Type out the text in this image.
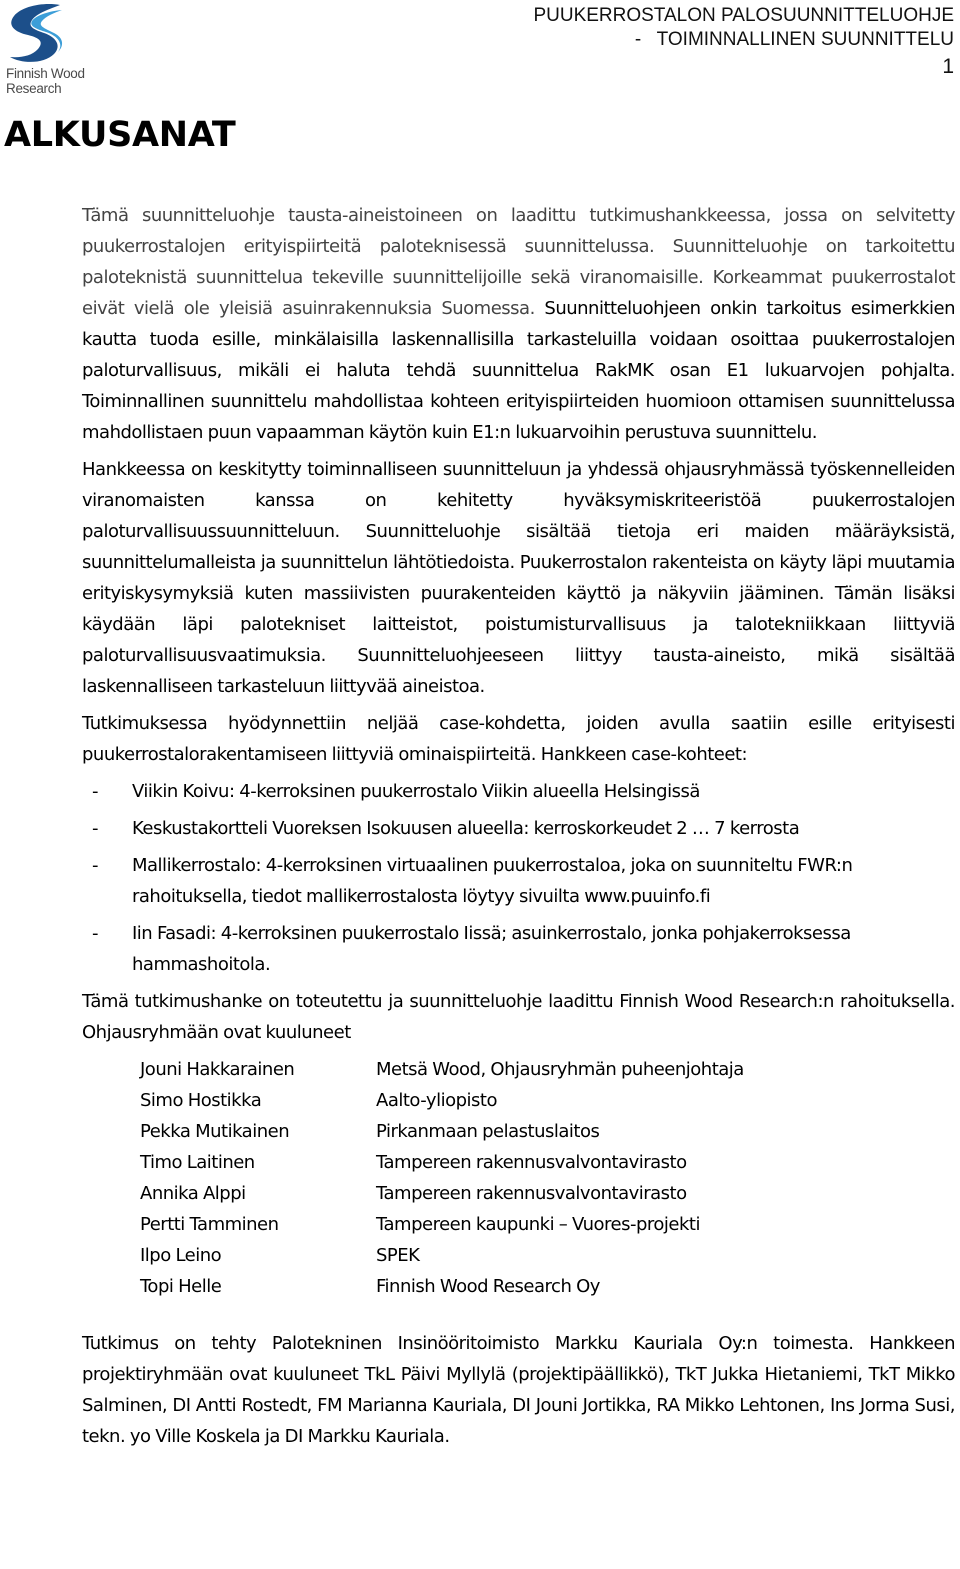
Finnish Wood
Research
PUUKERROSTALON PALOSUUNNITTELUOHJE
-   TOIMINNALLINEN SUUNNITTELU
1
ALKUSANAT

Tämä suunnitteluohje tausta-aineistoineen on laadittu tutkimushankkeessa, jossa on selvitetty puukerrostalojen erityispiirteitä paloteknisessä suunnittelussa. Suunnitteluohje on tarkoitettu paloteknistä suunnittelua tekeville suunnittelijoille sekä viranomaisille. Korkeammat puukerrostalot eivät vielä ole yleisiä asuinrakennuksia Suomessa. Suunnitteluohjeen onkin tarkoitus esimerkkien kautta tuoda esille, minkälaisilla laskennallisilla tarkasteluilla voidaan osoittaa puukerrostalojen paloturvallisuus, mikäli ei haluta tehdä suunnittelua RakMK osan E1 lukuarvojen pohjalta. Toiminnallinen suunnittelu mahdollistaa kohteen erityispiirteiden huomioon ottamisen suunnittelussa mahdollistaen puun vapaamman käytön kuin E1:n lukuarvoihin perustuva suunnittelu.

Hankkeessa on keskitytty toiminnalliseen suunnitteluun ja yhdessä ohjausryhmässä työskennelleiden viranomaisten kanssa on kehitetty hyväksymiskriteeristöä puukerrostalojen paloturvallisuussuunnitteluun. Suunnitteluohje sisältää tietoja eri maiden määräyksistä, suunnittelumalleista ja suunnittelun lähtötiedoista. Puukerrostalon rakenteista on käyty läpi muutamia erityiskysymyksiä kuten massiivisten puurakenteiden käyttö ja näkyviin jääminen. Tämän lisäksi käydään läpi palotekniset laitteistot, poistumisturvallisuus ja talotekniikkaan liittyviä paloturvallisuusvaatimuksia. Suunnitteluohjeeseen liittyy tausta-aineisto, mikä sisältää laskennalliseen tarkasteluun liittyvää aineistoa.

Tutkimuksessa hyödynnettiin neljää case-kohdetta, joiden avulla saatiin esille erityisesti puukerrostalorakentamiseen liittyviä ominaispiirteitä. Hankkeen case-kohteet:

- Viikin Koivu: 4-kerroksinen puukerrostalo Viikin alueella Helsingissä
- Keskustakortteli Vuoreksen Isokuusen alueella: kerroskorkeudet 2 … 7 kerrosta
- Mallikerrostalo: 4-kerroksinen virtuaalinen puukerrostaloa, joka on suunniteltu FWR:n rahoituksella, tiedot mallikerrostalosta löytyy sivuilta www.puuinfo.fi
- Iin Fasadi: 4-kerroksinen puukerrostalo Iissä; asuinkerrostalo, jonka pohjakerroksessa hammashoitola.

Tämä tutkimushanke on toteutettu ja suunnitteluohje laadittu Finnish Wood Research:n rahoituksella. Ohjausryhmään ovat kuuluneet

Jouni Hakkarainen	Metsä Wood, Ohjausryhmän puheenjohtaja
Simo Hostikka	Aalto-yliopisto
Pekka Mutikainen	Pirkanmaan pelastuslaitos
Timo Laitinen	Tampereen rakennusvalvontavirasto
Annika Alppi	Tampereen rakennusvalvontavirasto
Pertti Tamminen	Tampereen kaupunki – Vuores-projekti
Ilpo Leino	SPEK
Topi Helle	Finnish Wood Research Oy

Tutkimus on tehty Palotekninen Insinööritoimisto Markku Kauriala Oy:n toimesta. Hankkeen projektiryhmään ovat kuuluneet TkL Päivi Myllylä (projektipäällikkö), TkT Jukka Hietaniemi, TkT Mikko Salminen, DI Antti Rostedt, FM Marianna Kauriala, DI Jouni Jortikka, RA Mikko Lehtonen, Ins Jorma Susi, tekn. yo Ville Koskela ja DI Markku Kauriala.
